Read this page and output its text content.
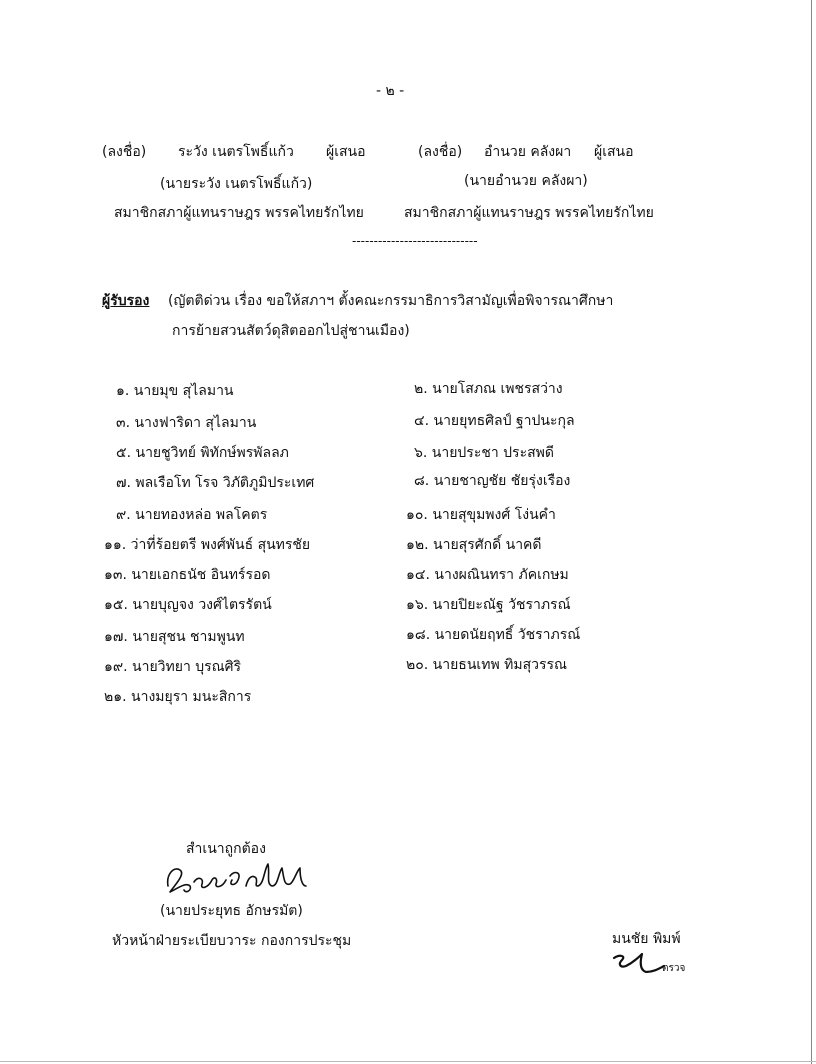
- ๒ -
(ลงชื่อ) ระวัง เนตรโพธิ์แก้ว ผู้เสนอ	(ลงชื่อ) อำนวย คลังผา ผู้เสนอ
(นายระวัง เนตรโพธิ์แก้ว)	(นายอำนวย คลังผา)
สมาชิกสภาผู้แทนราษฎร พรรคไทยรักไทย	สมาชิกสภาผู้แทนราษฎร พรรคไทยรักไทย
-----------------------------
ผู้รับรอง (ญัตติด่วน เรื่อง ขอให้สภาฯ ตั้งคณะกรรมาธิการวิสามัญเพื่อพิจารณาศึกษา
การย้ายสวนสัตว์ดุสิตออกไปสู่ชานเมือง)
๑. นายมุข สุไลมาน	๒. นายโสภณ เพชรสว่าง
๓. นางฟาริดา สุไลมาน	๔. นายยุทธศิลป์ ฐาปนะกุล
๕. นายชูวิทย์ พิทักษ์พรพัลลภ	๖. นายประชา ประสพดี
๗. พลเรือโท โรจ วิภัติภูมิประเทศ	๘. นายชาญชัย ชัยรุ่งเรือง
๙. นายทองหล่อ พลโคตร	๑๐. นายสุขุมพงศ์ โง่นคำ
๑๑. ว่าที่ร้อยตรี พงศ์พันธ์ สุนทรชัย	๑๒. นายสุรศักดิ์ นาคดี
๑๓. นายเอกธนัช อินทร์รอด	๑๔. นางผณินทรา ภัคเกษม
๑๕. นายบุญจง วงศ์ไตรรัตน์	๑๖. นายปิยะณัฐ วัชราภรณ์
๑๗. นายสุชน ชามพูนท	๑๘. นายดนัยฤทธิ์ วัชราภรณ์
๑๙. นายวิทยา บุรณศิริ	๒๐. นายธนเทพ ทิมสุวรรณ
๒๑. นางมยุรา มนะสิการ
สำเนาถูกต้อง
(นายประยุทธ อักษรมัต)
หัวหน้าฝ่ายระเบียบวาระ กองการประชุม	มนชัย พิมพ์
ตรวจ
